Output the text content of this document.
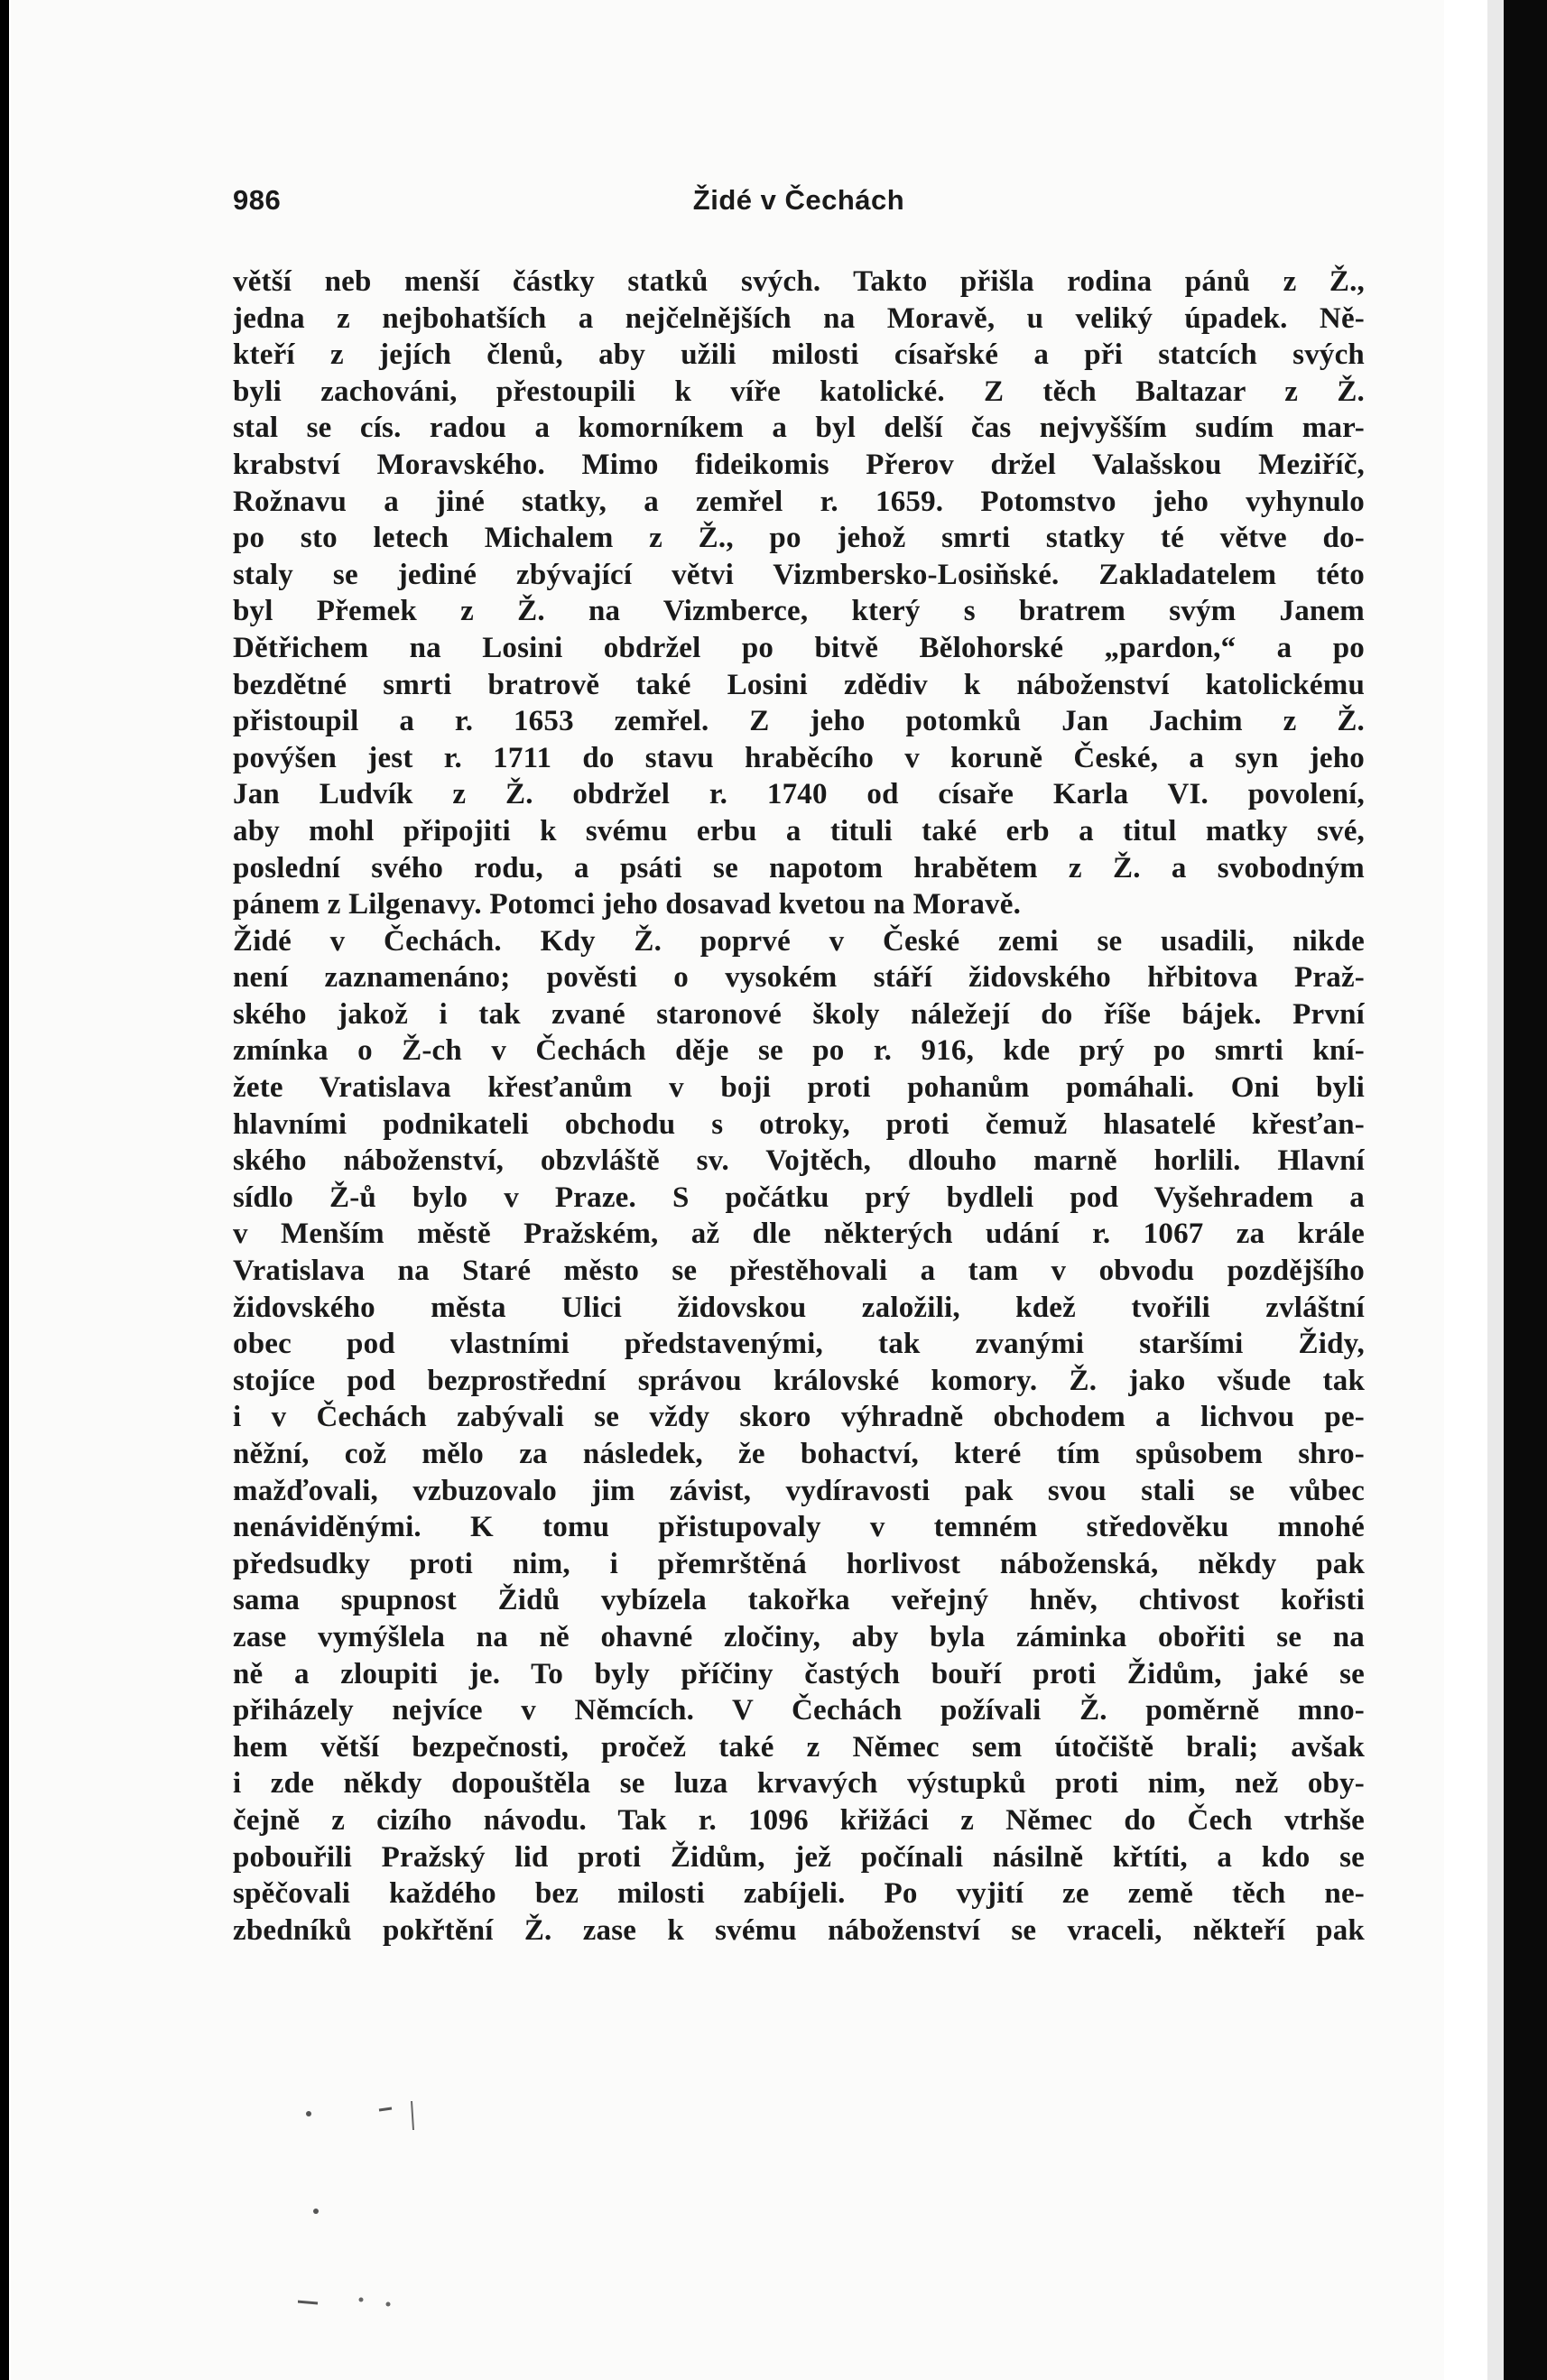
986	Židé v Čechách
větší neb menší částky statků svých. Takto přišla rodina pánů z Ž.,
jedna z nejbohatších a nejčelnějších na Moravě, u veliký úpadek. Ně-
kteří z jejích členů, aby užili milosti císařské a při statcích svých
byli zachováni, přestoupili k víře katolické. Z těch Baltazar z Ž.
stal se cís. radou a komorníkem a byl delší čas nejvyšším sudím mar-
krabství Moravského. Mimo fideikomis Přerov držel Valašskou Meziříč,
Rožnavu a jiné statky, a zemřel r. 1659. Potomstvo jeho vyhynulo
po sto letech Michalem z Ž., po jehož smrti statky té větve do-
staly se jediné zbývající větvi Vizmbersko-Losiňské. Zakladatelem této
byl Přemek z Ž. na Vizmberce, který s bratrem svým Janem
Dětřichem na Losini obdržel po bitvě Bělohorské „pardon,“ a po
bezdětné smrti bratrově také Losini zdědiv k náboženství katolickému
přistoupil a r. 1653 zemřel. Z jeho potomků Jan Jachim z Ž.
povýšen jest r. 1711 do stavu hraběcího v koruně České, a syn jeho
Jan Ludvík z Ž. obdržel r. 1740 od císaře Karla VI. povolení,
aby mohl připojiti k svému erbu a tituli také erb a titul matky své,
poslední svého rodu, a psáti se napotom hrabětem z Ž. a svobodným
pánem z Lilgenavy. Potomci jeho dosavad kvetou na Moravě.
Židé v Čechách. Kdy Ž. poprvé v České zemi se usadili, nikde
není zaznamenáno; pověsti o vysokém stáří židovského hřbitova Praž-
ského jakož i tak zvané staronové školy náležejí do říše bájek. První
zmínka o Ž-ch v Čechách děje se po r. 916, kde prý po smrti kní-
žete Vratislava křesťanům v boji proti pohanům pomáhali. Oni byli
hlavními podnikateli obchodu s otroky, proti čemuž hlasatelé křesťan-
ského náboženství, obzvláště sv. Vojtěch, dlouho marně horlili. Hlavní
sídlo Ž-ů bylo v Praze. S počátku prý bydleli pod Vyšehradem a
v Menším městě Pražském, až dle některých udání r. 1067 za krále
Vratislava na Staré město se přestěhovali a tam v obvodu pozdějšího
židovského města Ulici židovskou založili, kdež tvořili zvláštní
obec pod vlastními představenými, tak zvanými staršími Židy,
stojíce pod bezprostřední správou královské komory. Ž. jako všude tak
i v Čechách zabývali se vždy skoro výhradně obchodem a lichvou pe-
něžní, což mělo za následek, že bohactví, které tím spůsobem shro-
mažďovali, vzbuzovalo jim závist, vydíravosti pak svou stali se vůbec
nenáviděnými. K tomu přistupovaly v temném středověku mnohé
předsudky proti nim, i přemrštěná horlivost náboženská, někdy pak
sama spupnost Židů vybízela takořka veřejný hněv, chtivost kořisti
zase vymýšlela na ně ohavné zločiny, aby byla záminka obořiti se na
ně a zloupiti je. To byly příčiny častých bouří proti Židům, jaké se
přiházely nejvíce v Němcích. V Čechách požívali Ž. poměrně mno-
hem větší bezpečnosti, pročež také z Němec sem útočiště brali; avšak
i zde někdy dopouštěla se luza krvavých výstupků proti nim, než oby-
čejně z cizího návodu. Tak r. 1096 křižáci z Němec do Čech vtrhše
pobouřili Pražský lid proti Židům, jež počínali násilně křtíti, a kdo se
spěčovali každého bez milosti zabíjeli. Po vyjití ze země těch ne-
zbedníků pokřtění Ž. zase k svému náboženství se vraceli, někteří pak
